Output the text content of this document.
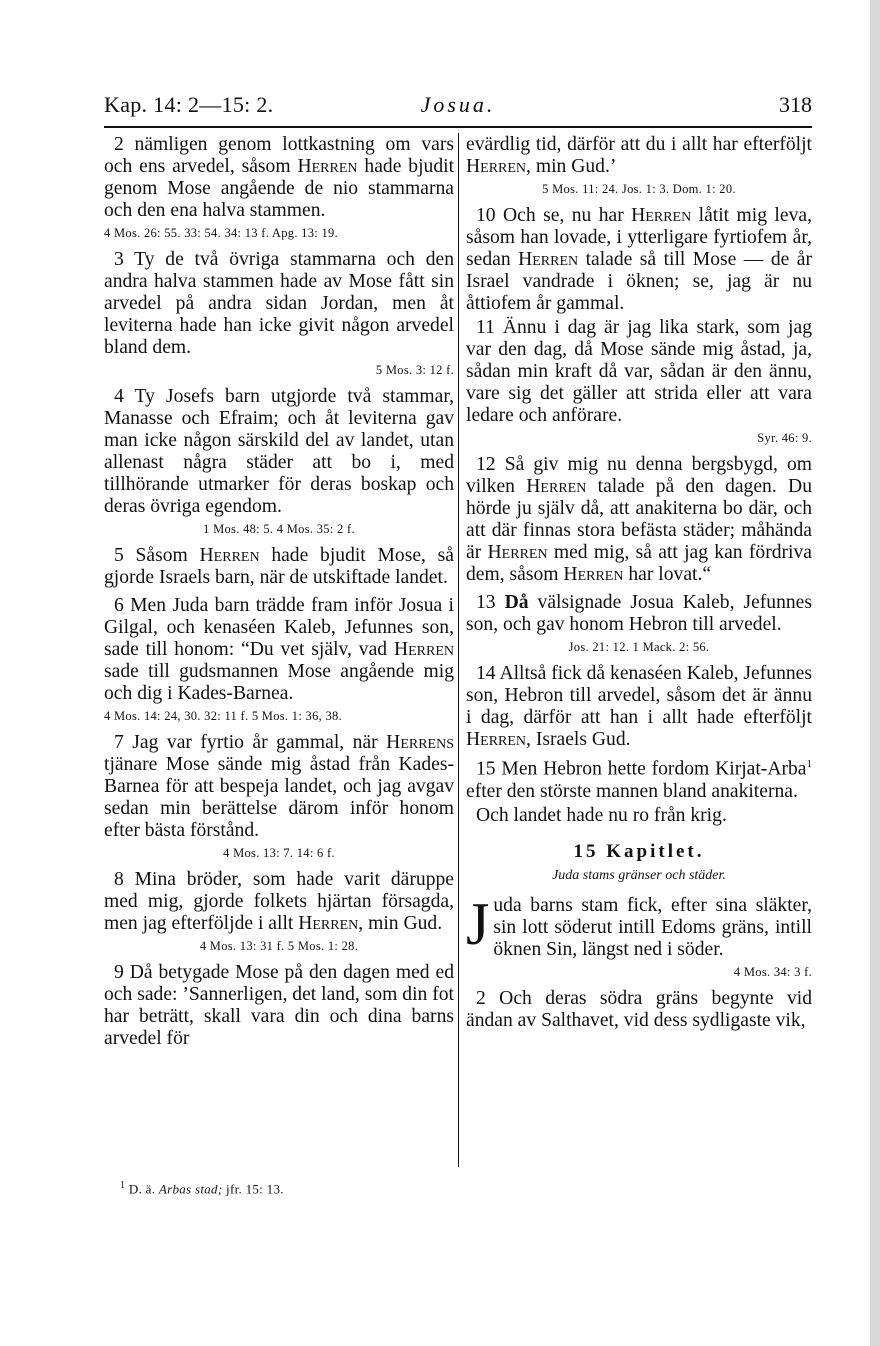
Kap. 14: 2—15: 2.	Josua.	318

2 nämligen genom lottkastning om vars och ens arvedel, såsom Herren hade bjudit genom Mose angående de nio stammarna och den ena halva stammen.

4 Mos. 26: 55. 33: 54. 34: 13 f. Apg. 13: 19.

3 Ty de två övriga stammarna och den andra halva stammen hade av Mose fått sin arvedel på andra sidan Jordan, men åt leviterna hade han icke givit någon arvedel bland dem.

5 Mos. 3: 12 f.

4 Ty Josefs barn utgjorde två stammar, Manasse och Efraim; och åt leviterna gav man icke någon särskild del av landet, utan allenast några städer att bo i, med tillhörande utmarker för deras boskap och deras övriga egendom.

1 Mos. 48: 5. 4 Mos. 35: 2 f.

5 Såsom Herren hade bjudit Mose, så gjorde Israels barn, när de utskiftade landet.

6 Men Juda barn trädde fram inför Josua i Gilgal, och kenaséen Kaleb, Jefunnes son, sade till honom: “Du vet själv, vad Herren sade till gudsmannen Mose angående mig och dig i Kades-Barnea.

4 Mos. 14: 24, 30. 32: 11 f. 5 Mos. 1: 36, 38.

7 Jag var fyrtio år gammal, när Herrens tjänare Mose sände mig åstad från Kades-Barnea för att bespeja landet, och jag avgav sedan min berättelse därom inför honom efter bästa förstånd.

4 Mos. 13: 7. 14: 6 f.

8 Mina bröder, som hade varit däruppe med mig, gjorde folkets hjärtan försagda, men jag efterföljde i allt Herren, min Gud.

4 Mos. 13: 31 f. 5 Mos. 1: 28.

9 Då betygade Mose på den dagen med ed och sade: ’Sannerligen, det land, som din fot har beträtt, skall vara din och dina barns arvedel för

evärdlig tid, därför att du i allt har efterföljt Herren, min Gud.’

5 Mos. 11: 24. Jos. 1: 3. Dom. 1: 20.

10 Och se, nu har Herren låtit mig leva, såsom han lovade, i ytterligare fyrtiofem år, sedan Herren talade så till Mose — de år Israel vandrade i öknen; se, jag är nu åttiofem år gammal.

11 Ännu i dag är jag lika stark, som jag var den dag, då Mose sände mig åstad, ja, sådan min kraft då var, sådan är den ännu, vare sig det gäller att strida eller att vara ledare och anförare.

Syr. 46: 9.

12 Så giv mig nu denna bergsbygd, om vilken Herren talade på den dagen. Du hörde ju själv då, att anakiterna bo där, och att där finnas stora befästa städer; måhända är Herren med mig, så att jag kan fördriva dem, såsom Herren har lovat.“

13 Då välsignade Josua Kaleb, Jefunnes son, och gav honom Hebron till arvedel.

Jos. 21: 12. 1 Mack. 2: 56.

14 Alltså fick då kenaséen Kaleb, Jefunnes son, Hebron till arvedel, såsom det är ännu i dag, därför att han i allt hade efterföljt Herren, Israels Gud.

15 Men Hebron hette fordom Kirjat-Arba$^1$ efter den störste mannen bland anakiterna.

Och landet hade nu ro från krig.

15 Kapitlet.
Juda stams gränser och städer.

Juda barns stam fick, efter sina släkter, sin lott söderut intill Edoms gräns, intill öknen Sin, längst ned i söder.

4 Mos. 34: 3 f.

2 Och deras södra gräns begynte vid ändan av Salthavet, vid dess sydligaste vik,

$^1$ D. ä. Arbas stad; jfr. 15: 13.
